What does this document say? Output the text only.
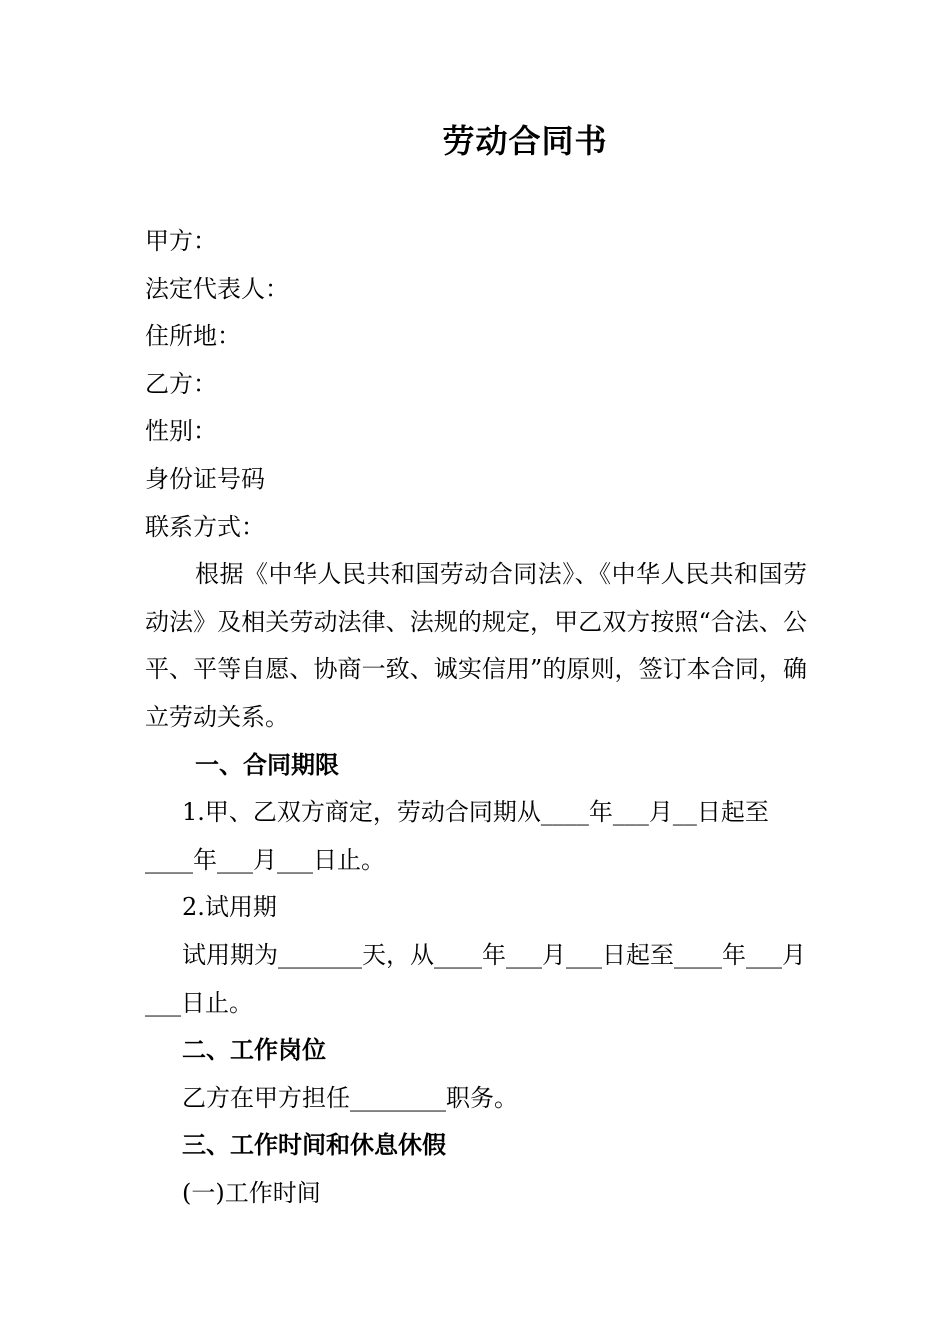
劳动合同书
甲方：
法定代表人：
住所地：
乙方：
性别：
身份证号码
联系方式：

根据《中华人民共和国劳动合同法》、《中华人民共和国劳动法》及相关劳动法律、法规的规定，甲乙双方按照“合法、公平、平等自愿、协商一致、诚实信用”的原则，签订本合同，确立劳动关系。

一、合同期限

1.甲、乙双方商定，劳动合同期从____年___月__日起至____年___月___日止。

2.试用期

试用期为_______天，从____年___月___日起至____年___月___日止。

二、工作岗位
乙方在甲方担任________职务。
三、工作时间和休息休假
(一)工作时间
